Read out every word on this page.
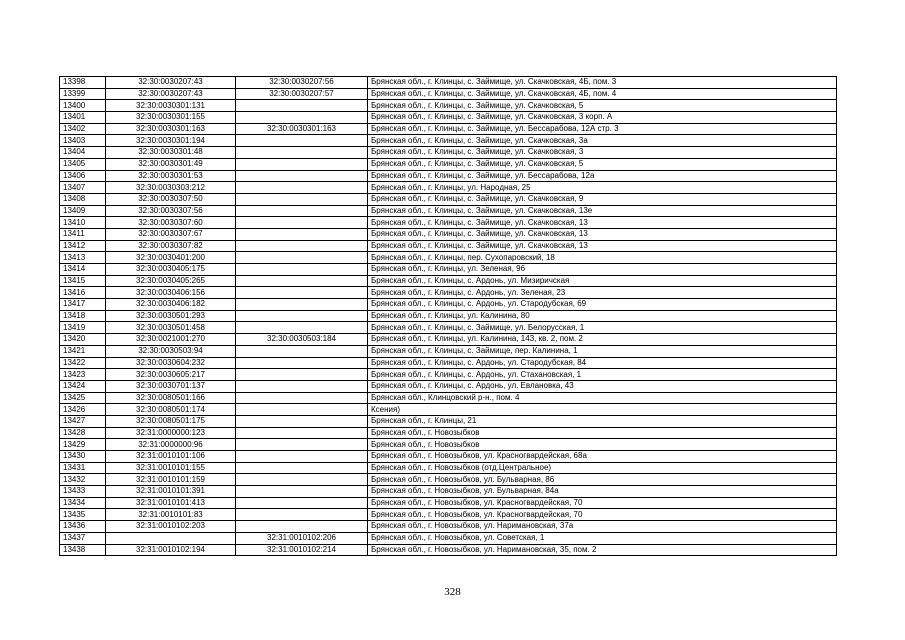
13398	32:30:0030207:43	32:30:0030207:56	Брянская обл., г. Клинцы, с. Займище, ул. Скачковская, 4Б, пом. 3
13399	32:30:0030207:43	32:30:0030207:57	Брянская обл., г. Клинцы, с. Займище, ул. Скачковская, 4Б, пом. 4
13400	32:30:0030301:131		Брянская обл., г. Клинцы, с. Займище, ул. Скачковская, 5
13401	32:30:0030301:155		Брянская обл., г. Клинцы, с. Займище, ул. Скачковская, 3 корп. А
13402	32:30:0030301:163	32:30:0030301:163	Брянская обл., г. Клинцы, с. Займище, ул. Бессарабова, 12А стр. 3
13403	32:30:0030301:194		Брянская обл., г. Клинцы, с. Займище, ул. Скачковская, 3а
13404	32:30:0030301:48		Брянская обл., г. Клинцы, с. Займище, ул. Скачковская, 3
13405	32:30:0030301:49		Брянская обл., г. Клинцы, с. Займище, ул. Скачковская, 5
13406	32:30:0030301:53		Брянская обл., г. Клинцы, с. Займище, ул. Бессарабова, 12а
13407	32:30:0030303:212		Брянская обл., г. Клинцы, ул. Народная, 25
13408	32:30:0030307:50		Брянская обл., г. Клинцы, с. Займище, ул. Скачковская, 9
13409	32:30:0030307:56		Брянская обл., г. Клинцы, с. Займище, ул. Скачковская, 13е
13410	32:30:0030307:60		Брянская обл., г. Клинцы, с. Займище, ул. Скачковская, 13
13411	32:30:0030307:67		Брянская обл., г. Клинцы, с. Займище, ул. Скачковская, 13
13412	32:30:0030307:82		Брянская обл., г. Клинцы, с. Займище, ул. Скачковская, 13
13413	32:30:0030401:200		Брянская обл., г. Клинцы, пер. Сухопаровский, 18
13414	32:30:0030405:175		Брянская обл., г. Клинцы, ул. Зеленая, 96
13415	32:30:0030405:265		Брянская обл., г. Клинцы, с. Ардонь, ул. Мизиричская
13416	32:30:0030406:156		Брянская обл., г. Клинцы, с. Ардонь, ул. Зеленая, 23
13417	32:30:0030406:182		Брянская обл., г. Клинцы, с. Ардонь, ул. Стародубская, 69
13418	32:30:0030501:293		Брянская обл., г. Клинцы, ул. Калинина, 80
13419	32:30:0030501:458		Брянская обл., г. Клинцы, с. Займище, ул. Белорусская, 1
13420	32:30:0021001:270	32:30:0030503:184	Брянская обл., г. Клинцы, ул. Калинина, 143, кв. 2, пом. 2
13421	32:30:0030503:94		Брянская обл., г. Клинцы, с. Займище, пер. Калинина, 1
13422	32:30:0030604:232		Брянская обл., г. Клинцы, с. Ардонь, ул. Стародубская, 84
13423	32:30:0030605:217		Брянская обл., г. Клинцы, с. Ардонь, ул. Стахановская, 1
13424	32:30:0030701:137		Брянская обл., г. Клинцы, с. Ардонь, ул. Евлановка, 43
13425	32:30:0080501:166		Брянская обл., Клинцовский р-н., пом. 4
13426	32:30:0080501:174		Ксения)
13427	32:30:0080501:175		Брянская обл., г. Клинцы, 21
13428	32:31:0000000:123		Брянская обл., г. Новозыбков
13429	32:31:0000000:96		Брянская обл., г. Новозыбков
13430	32:31:0010101:106		Брянская обл., г. Новозыбков, ул. Красногвардейская, 68а
13431	32:31:0010101:155		Брянская обл., г. Новозыбков (отд.Центральное)
13432	32:31:0010101:159		Брянская обл., г. Новозыбков, ул. Бульварная, 86
13433	32:31:0010101:391		Брянская обл., г. Новозыбков, ул. Бульварная, 84а
13434	32:31:0010101:413		Брянская обл., г. Новозыбков, ул. Красногвардейская, 70
13435	32:31:0010101:83		Брянская обл., г. Новозыбков, ул. Красногвардейская, 70
13436	32:31:0010102:203		Брянская обл., г. Новозыбков, ул. Наримановская, 37а
13437		32:31:0010102:206	Брянская обл., г. Новозыбков, ул. Советская, 1
13438	32:31:0010102:194	32:31:0010102:214	Брянская обл., г. Новозыбков, ул. Наримановская, 35, пом. 2
328
